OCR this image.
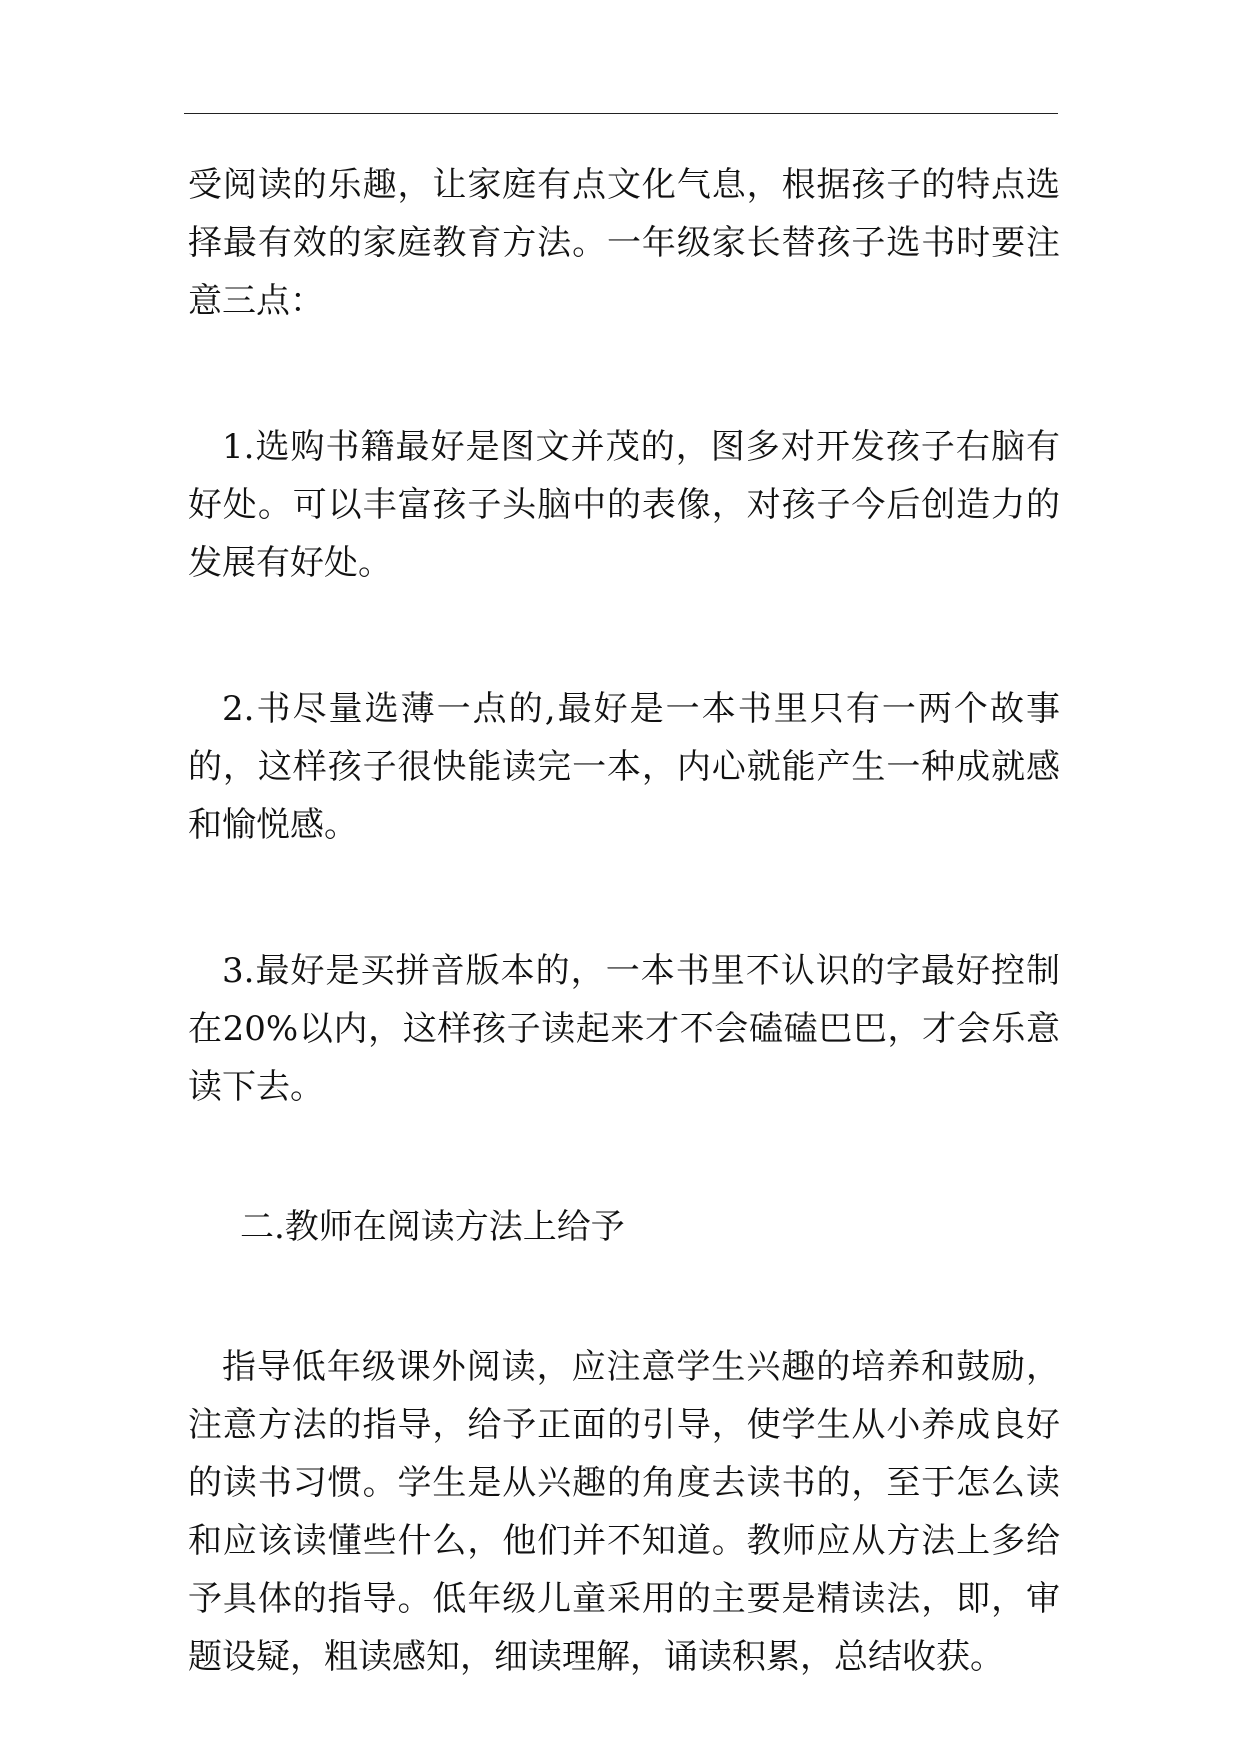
受阅读的乐趣，让家庭有点文化气息，根据孩子的特点选择最有效的家庭教育方法。一年级家长替孩子选书时要注意三点：

1.选购书籍最好是图文并茂的，图多对开发孩子右脑有好处。可以丰富孩子头脑中的表像，对孩子今后创造力的发展有好处。

2.书尽量选薄一点的,最好是一本书里只有一两个故事的，这样孩子很快能读完一本，内心就能产生一种成就感和愉悦感。

3.最好是买拼音版本的，一本书里不认识的字最好控制在20%以内，这样孩子读起来才不会磕磕巴巴，才会乐意读下去。

二.教师在阅读方法上给予

指导低年级课外阅读，应注意学生兴趣的培养和鼓励，注意方法的指导，给予正面的引导，使学生从小养成良好的读书习惯。学生是从兴趣的角度去读书的，至于怎么读和应该读懂些什么，他们并不知道。教师应从方法上多给予具体的指导。低年级儿童采用的主要是精读法，即，审题设疑，粗读感知，细读理解，诵读积累，总结收获。
